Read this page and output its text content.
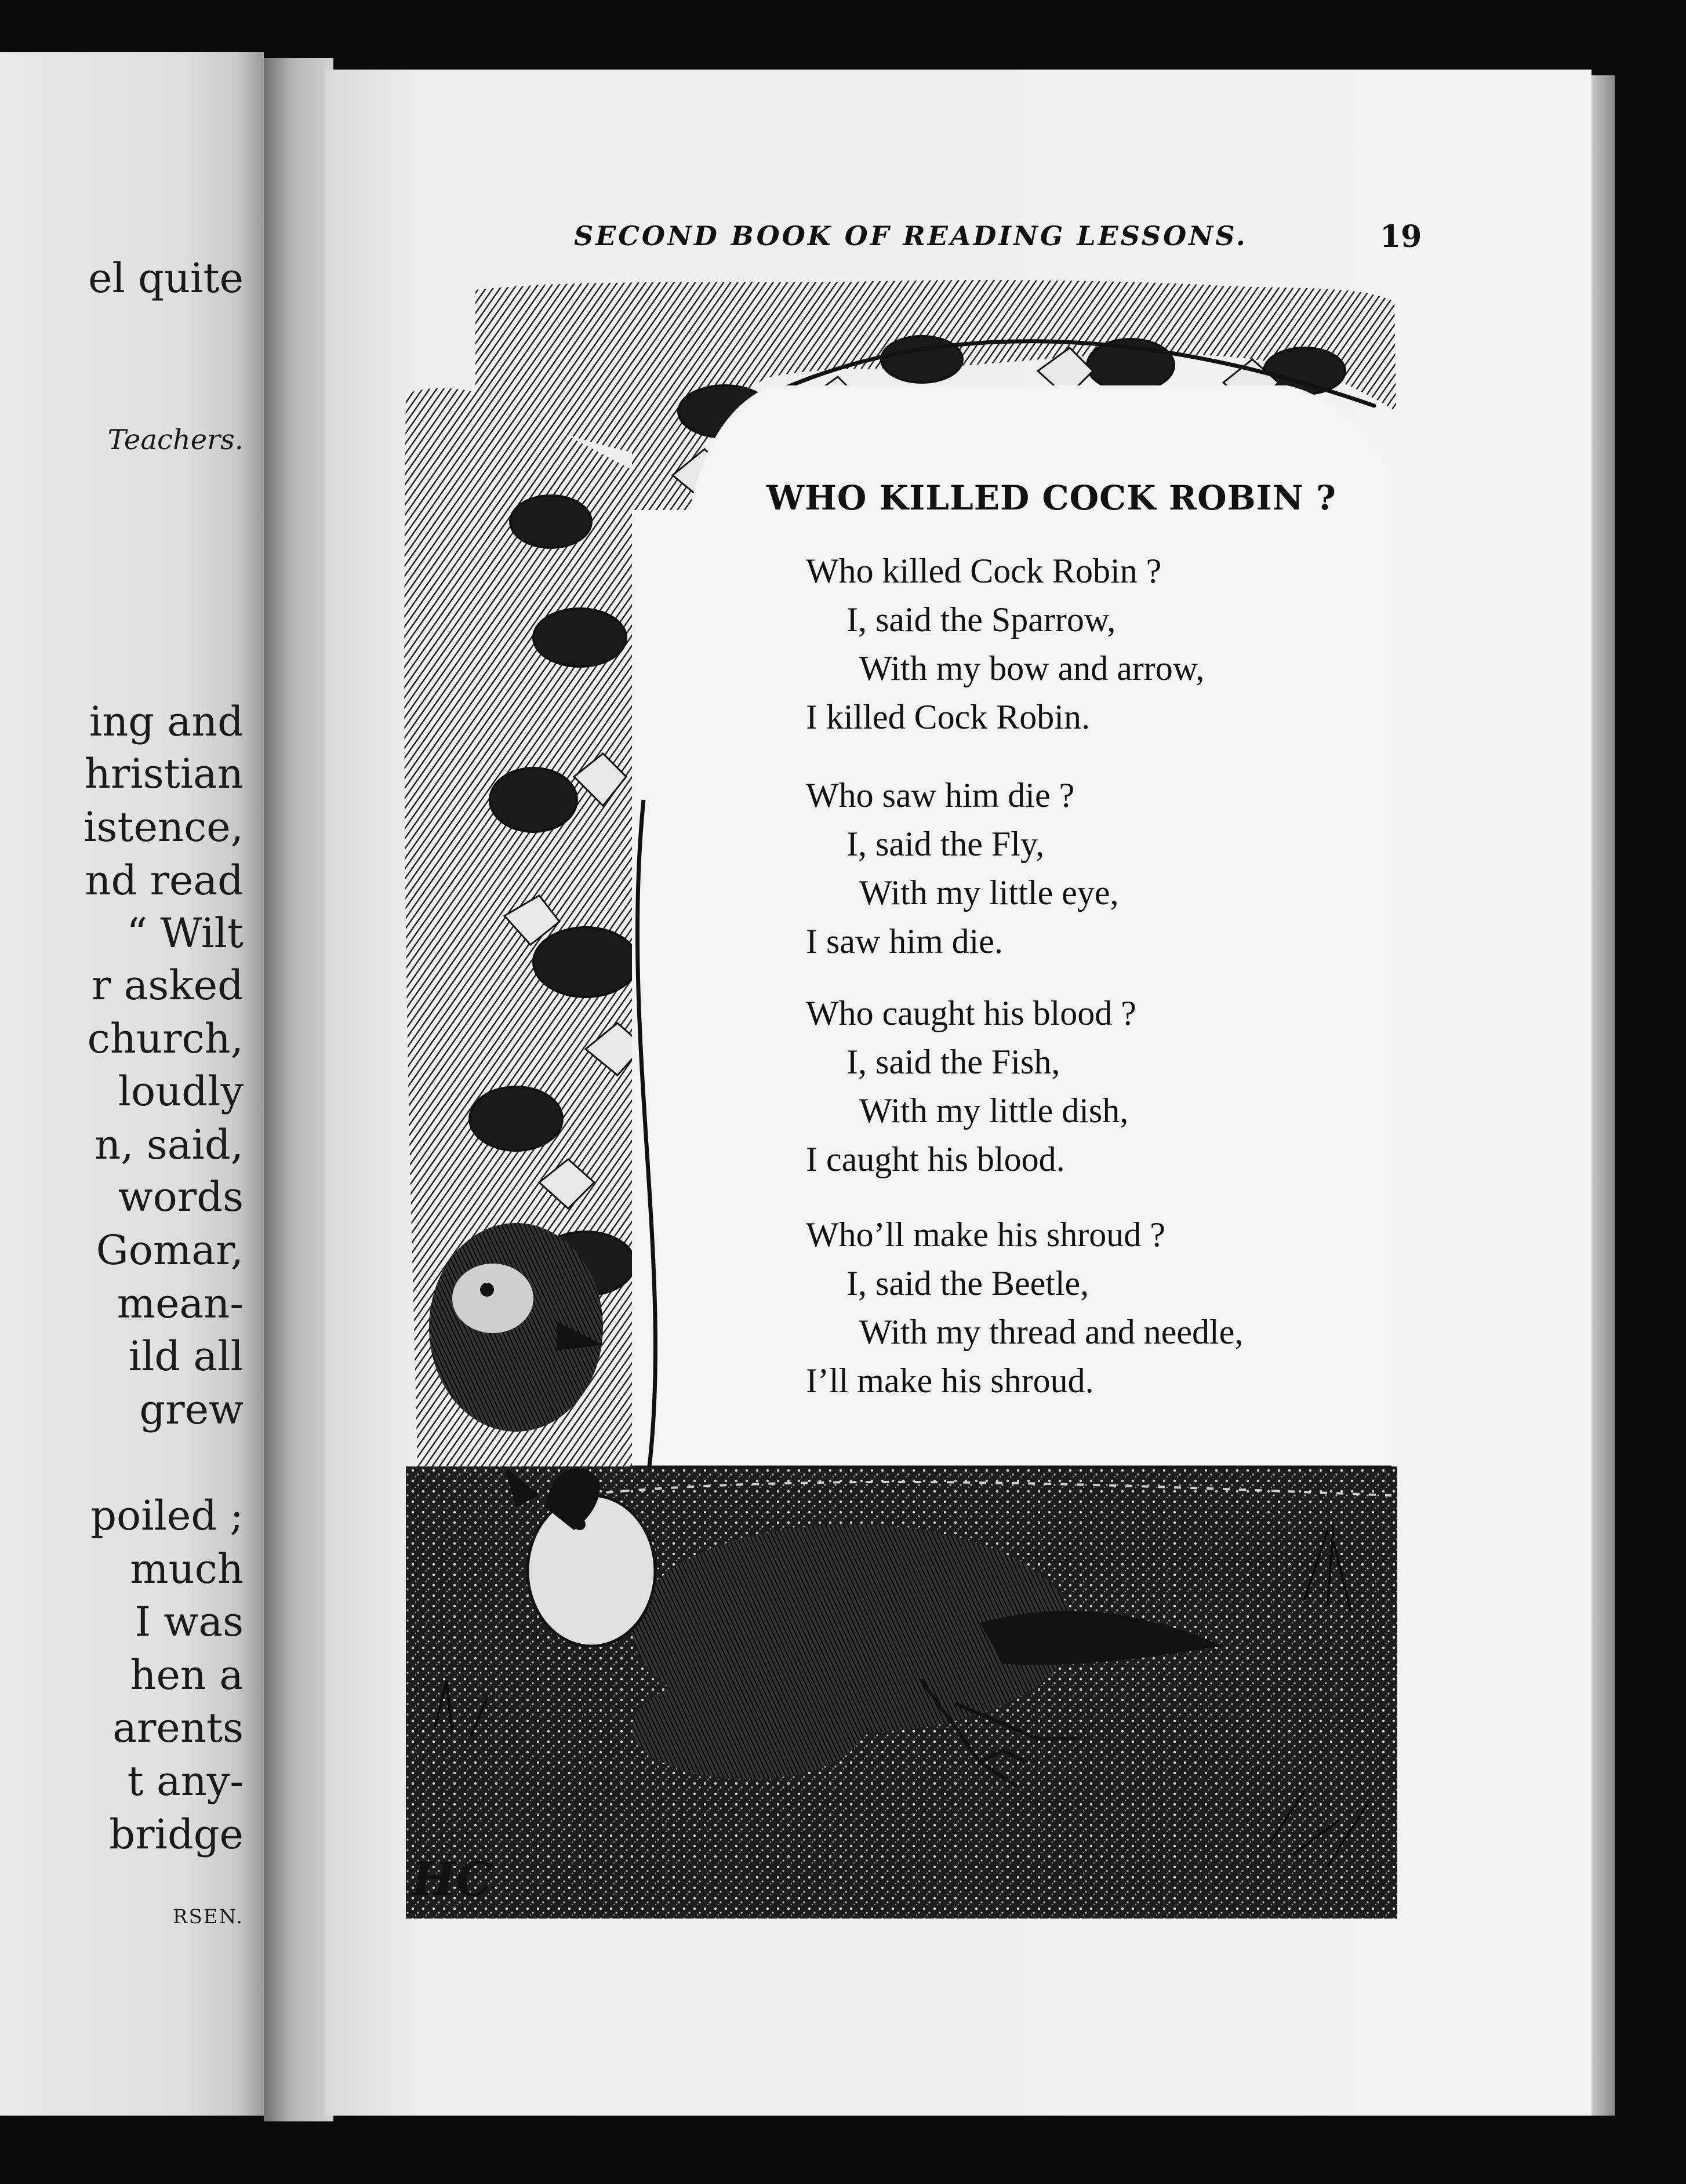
el quite
Teachers.
ing and
hristian
istence,
nd read
“ Wilt
r asked
church,
loudly
n, said,
words
Gomar,
mean-
ild all
grew
poiled ;
much
I was
hen a
arents
t any-
bridge
RSEN.
SECOND BOOK OF READING LESSONS.	19
HC
WHO KILLED COCK ROBIN ?
Who killed Cock Robin ?
I, said the Sparrow,
With my bow and arrow,
I killed Cock Robin.
Who saw him die ?
I, said the Fly,
With my little eye,
I saw him die.
Who caught his blood ?
I, said the Fish,
With my little dish,
I caught his blood.
Who’ll make his shroud ?
I, said the Beetle,
With my thread and needle,
I’ll make his shroud.
